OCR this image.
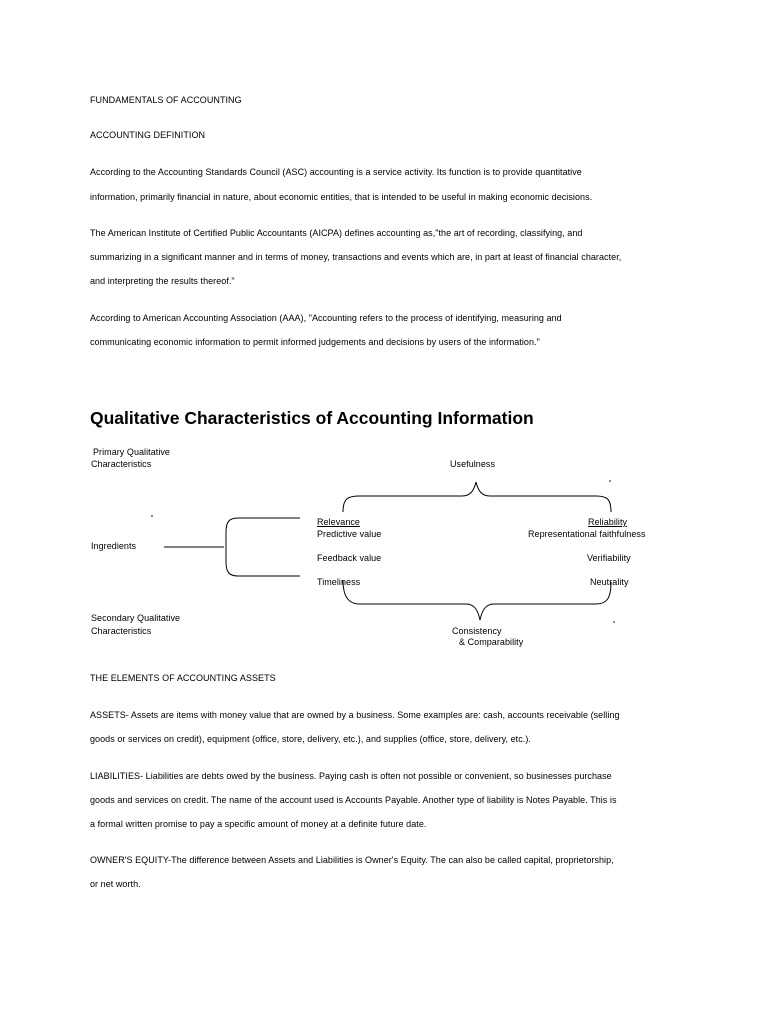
FUNDAMENTALS OF ACCOUNTING
ACCOUNTING DEFINITION
According to the Accounting Standards Council (ASC) accounting is a service activity. Its function is to provide quantitative
information, primarily financial in nature, about economic entities, that is intended to be useful in making economic decisions.
The American Institute of Certified Public Accountants (AICPA) defines accounting as,"the art of recording, classifying, and
summarizing in a significant manner and in terms of money, transactions and events which are, in part at least of financial character,
and interpreting the results thereof."
According to American Accounting Association (AAA), "Accounting refers to the process of identifying, measuring and
communicating economic information to permit informed judgements and decisions by users of the information."
Qualitative Characteristics of Accounting Information
Primary Qualitative
Characteristics	Usefulness
Ingredients
Relevance
Predictive value
Feedback value
Timeliness
Reliability
Representational faithfulness
Verifiability
Neutrality
Secondary Qualitative
Characteristics	Consistency
& Comparability
THE ELEMENTS OF ACCOUNTING ASSETS
ASSETS- Assets are items with money value that are owned by a business. Some examples are: cash, accounts receivable (selling
goods or services on credit), equipment (office, store, delivery, etc.), and supplies (office, store, delivery, etc.).
LIABILITIES- Liabilities are debts owed by the business. Paying cash is often not possible or convenient, so businesses purchase
goods and services on credit. The name of the account used is Accounts Payable. Another type of liability is Notes Payable. This is
a formal written promise to pay a specific amount of money at a definite future date.
OWNER'S EQUITY-The difference between Assets and Liabilities is Owner's Equity. The can also be called capital, proprietorship,
or net worth.
